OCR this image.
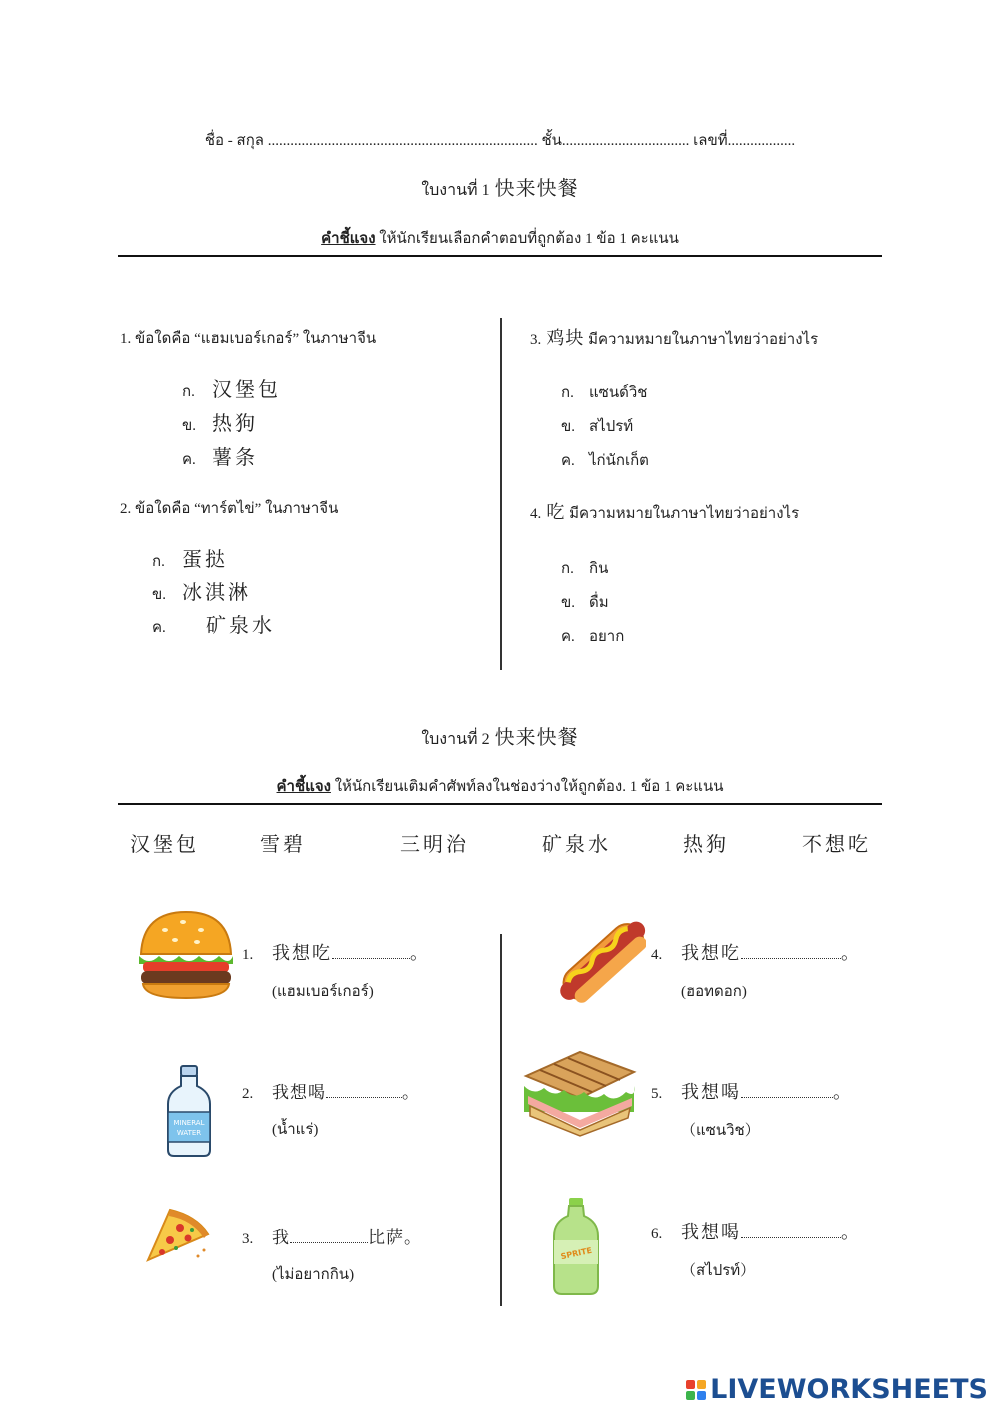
ชื่อ - สกุล ........................................................................ ชั้น.................................. เลขที่..................
ใบงานที่ 1 快来快餐
คำชี้แจง ให้นักเรียนเลือกคำตอบที่ถูกต้อง 1 ข้อ 1 คะแนน
1. ข้อใดคือ “แฮมเบอร์เกอร์” ในภาษาจีน
ก. 汉堡包
ข. 热狗
ค. 薯条
2. ข้อใดคือ “ทาร์ตไข่” ในภาษาจีน
ก. 蛋挞
ข. 冰淇淋
ค. 矿泉水
3. 鸡块 มีความหมายในภาษาไทยว่าอย่างไร
ก. แซนด์วิช
ข. สไปรท์
ค. ไก่นักเก็ต
4. 吃 มีความหมายในภาษาไทยว่าอย่างไร
ก. กิน
ข. ดื่ม
ค. อยาก
ใบงานที่ 2 快来快餐
คำชี้แจง ให้นักเรียนเติมคำศัพท์ลงในช่องว่างให้ถูกต้อง. 1 ข้อ 1 คะแนน
汉堡包	雪碧	三明治	矿泉水	热狗	不想吃
MINERAL
WATER
SPRITE
1. 我想吃	。
(แฮมเบอร์เกอร์)
2. 我想喝	。
(น้ำแร่)
3. 我	比萨。
(ไม่อยากกิน)
4. 我想吃	。
(ฮอทดอก)
5. 我想喝	。
（แซนวิช）
6. 我想喝	。
（สไปรท์）
LIVEWORKSHEETS
